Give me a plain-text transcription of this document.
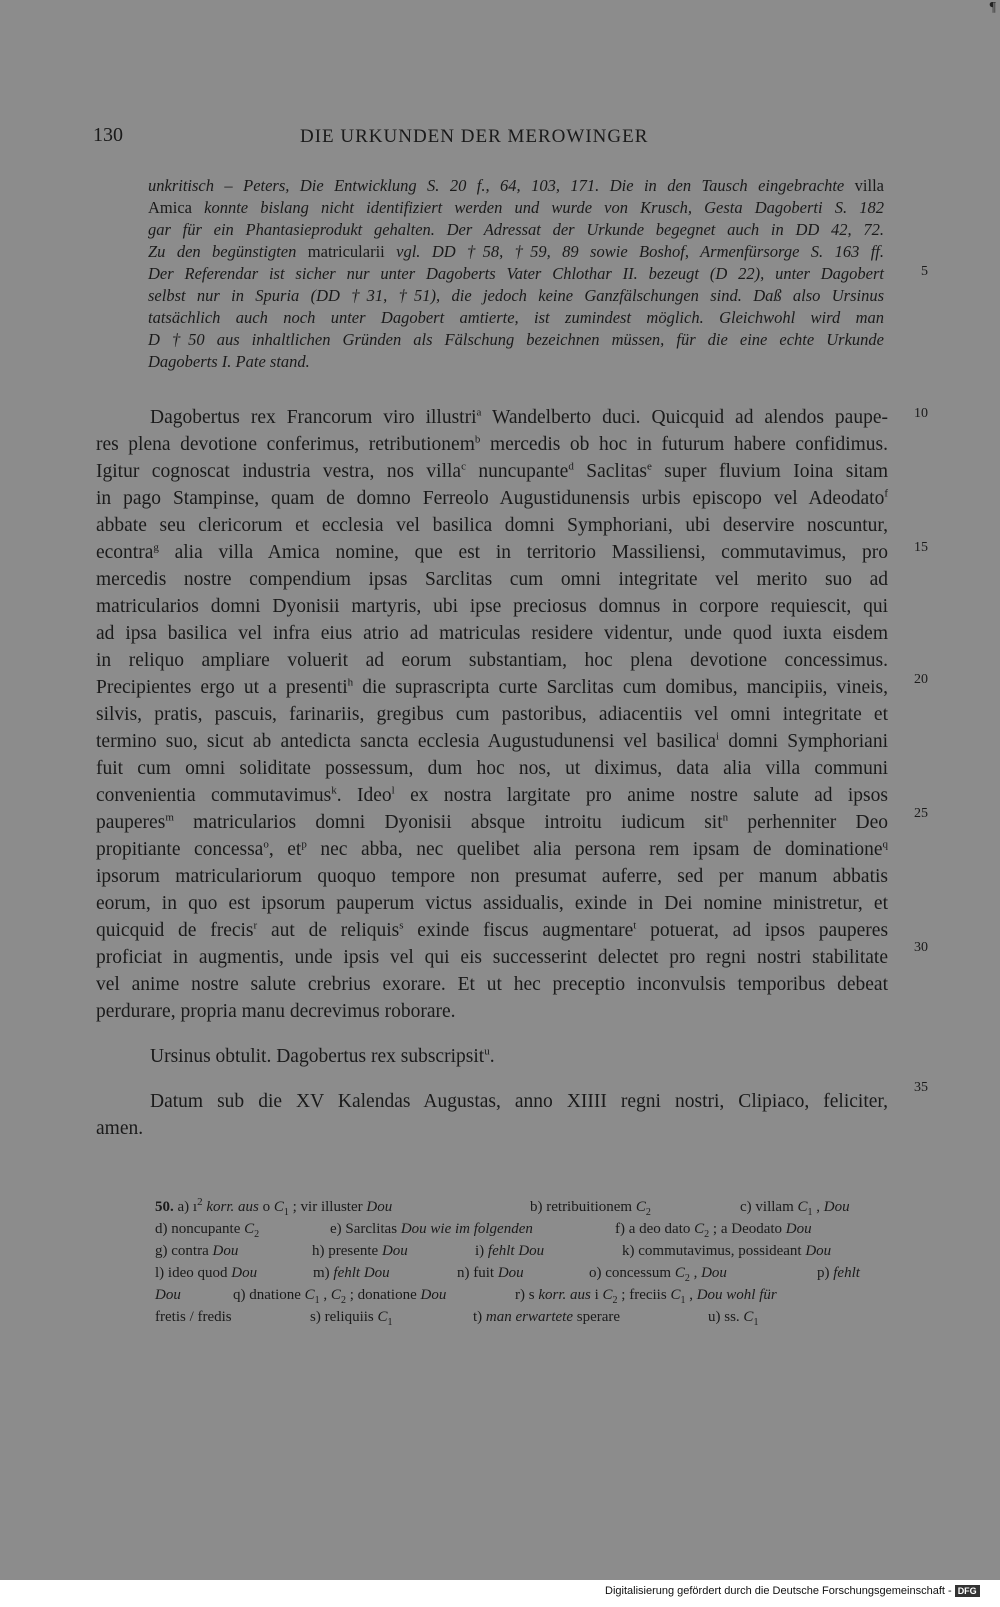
¶
130	DIE URKUNDEN DER MEROWINGER
unkritisch – Peters, Die Entwicklung S. 20 f., 64, 103, 171. Die in den Tausch eingebrachte villa
Amica konnte bislang nicht identifiziert werden und wurde von Krusch, Gesta Dagoberti S. 182
gar für ein Phantasieprodukt gehalten. Der Adressat der Urkunde begegnet auch in DD 42, 72.
Zu den begünstigten matricularii vgl. DD †58, †59, 89 sowie Boshof, Armenfürsorge S. 163 ff.
Der Referendar ist sicher nur unter Dagoberts Vater Chlothar II. bezeugt (D 22), unter Dagobert
selbst nur in Spuria (DD †31, †51), die jedoch keine Ganzfälschungen sind. Daß also Ursinus
tatsächlich auch noch unter Dagobert amtierte, ist zumindest möglich. Gleichwohl wird man
D †50 aus inhaltlichen Gründen als Fälschung bezeichnen müssen, für die eine echte Urkunde
Dagoberts I. Pate stand.
Dagobertus rex Francorum viro illustri$^a$ Wandelberto duci. Quicquid ad alendos paupe-
res plena devotione conferimus, retributionem$^b$ mercedis ob hoc in futurum habere confidimus.
Igitur cognoscat industria vestra, nos villa$^c$ nuncupante$^d$ Saclitas$^e$ super fluvium Ioina sitam
in pago Stampinse, quam de domno Ferreolo Augustidunensis urbis episcopo vel Adeodato$^f$
abbate seu clericorum et ecclesia vel basilica domni Symphoriani, ubi deservire noscuntur,
econtra$^g$ alia villa Amica nomine, que est in territorio Massiliensi, commutavimus, pro
mercedis nostre compendium ipsas Sarclitas cum omni integritate vel merito suo ad
matricularios domni Dyonisii martyris, ubi ipse preciosus domnus in corpore requiescit, qui
ad ipsa basilica vel infra eius atrio ad matriculas residere videntur, unde quod iuxta eisdem
in reliquo ampliare voluerit ad eorum substantiam, hoc plena devotione concessimus.
Precipientes ergo ut a presenti$^h$ die suprascripta curte Sarclitas cum domibus, mancipiis, vineis,
silvis, pratis, pascuis, farinariis, gregibus cum pastoribus, adiacentiis vel omni integritate et
termino suo, sicut ab antedicta sancta ecclesia Augustudunensi vel basilica$^i$ domni Symphoriani
fuit cum omni soliditate possessum, dum hoc nos, ut diximus, data alia villa communi
convenientia commutavimus$^k$. Ideo$^l$ ex nostra largitate pro anime nostre salute ad ipsos
pauperes$^m$ matricularios domni Dyonisii absque introitu iudicum sit$^n$ perhenniter Deo
propitiante concessa$^o$, $et^p$ nec abba, nec quelibet alia persona rem ipsam de dominatione$^q$
ipsorum matriculariorum quoquo tempore non presumat auferre, sed per manum abbatis
eorum, in quo est ipsorum pauperum victus assidualis, exinde in Dei nomine ministretur, et
quicquid de frecis$^r$ aut de reliquis$^s$ exinde fiscus augmentare$^t$ potuerat, ad ipsos pauperes
proficiat in augmentis, unde ipsis vel qui eis successerint delectet pro regni nostri stabilitate
vel anime nostre salute crebrius exorare. Et ut hec preceptio inconvulsis temporibus debeat
perdurare, propria manu decrevimus roborare.
Ursinus obtulit. Dagobertus rex subscripsit$^u$.
Datum sub die XV Kalendas Augustas, anno XIIII regni nostri, Clipiaco, feliciter,
amen.
5
10
15
20
25
30
35
50. a) $ı^2$ korr. aus o $C_1$ ; vir illuster Dou	b) retribuitionem $C_2$	c) villam $C_1$ , Dou
d) noncupante $C_2$	e) Sarclitas Dou wie im folgenden	f) a deo dato $C_2$ ; a Deodato Dou
g) contra Dou	h) presente Dou	i) fehlt Dou	k) commutavimus, possideant Dou
l) ideo quod Dou	m) fehlt Dou	n) fuit Dou	o) concessum $C_2$ , Dou	p) fehlt
Dou	q) dnatione $C_1$ , $C_2$ ; donatione Dou	r) s korr. aus i $C_2$ ; freciis $C_1$ , Dou wohl für
fretis / fredis	s) reliquiis $C_1$	t) man erwartete sperare	u) ss. $C_1$
Digitalisierung gefördert durch die Deutsche Forschungsgemeinschaft - DFG
